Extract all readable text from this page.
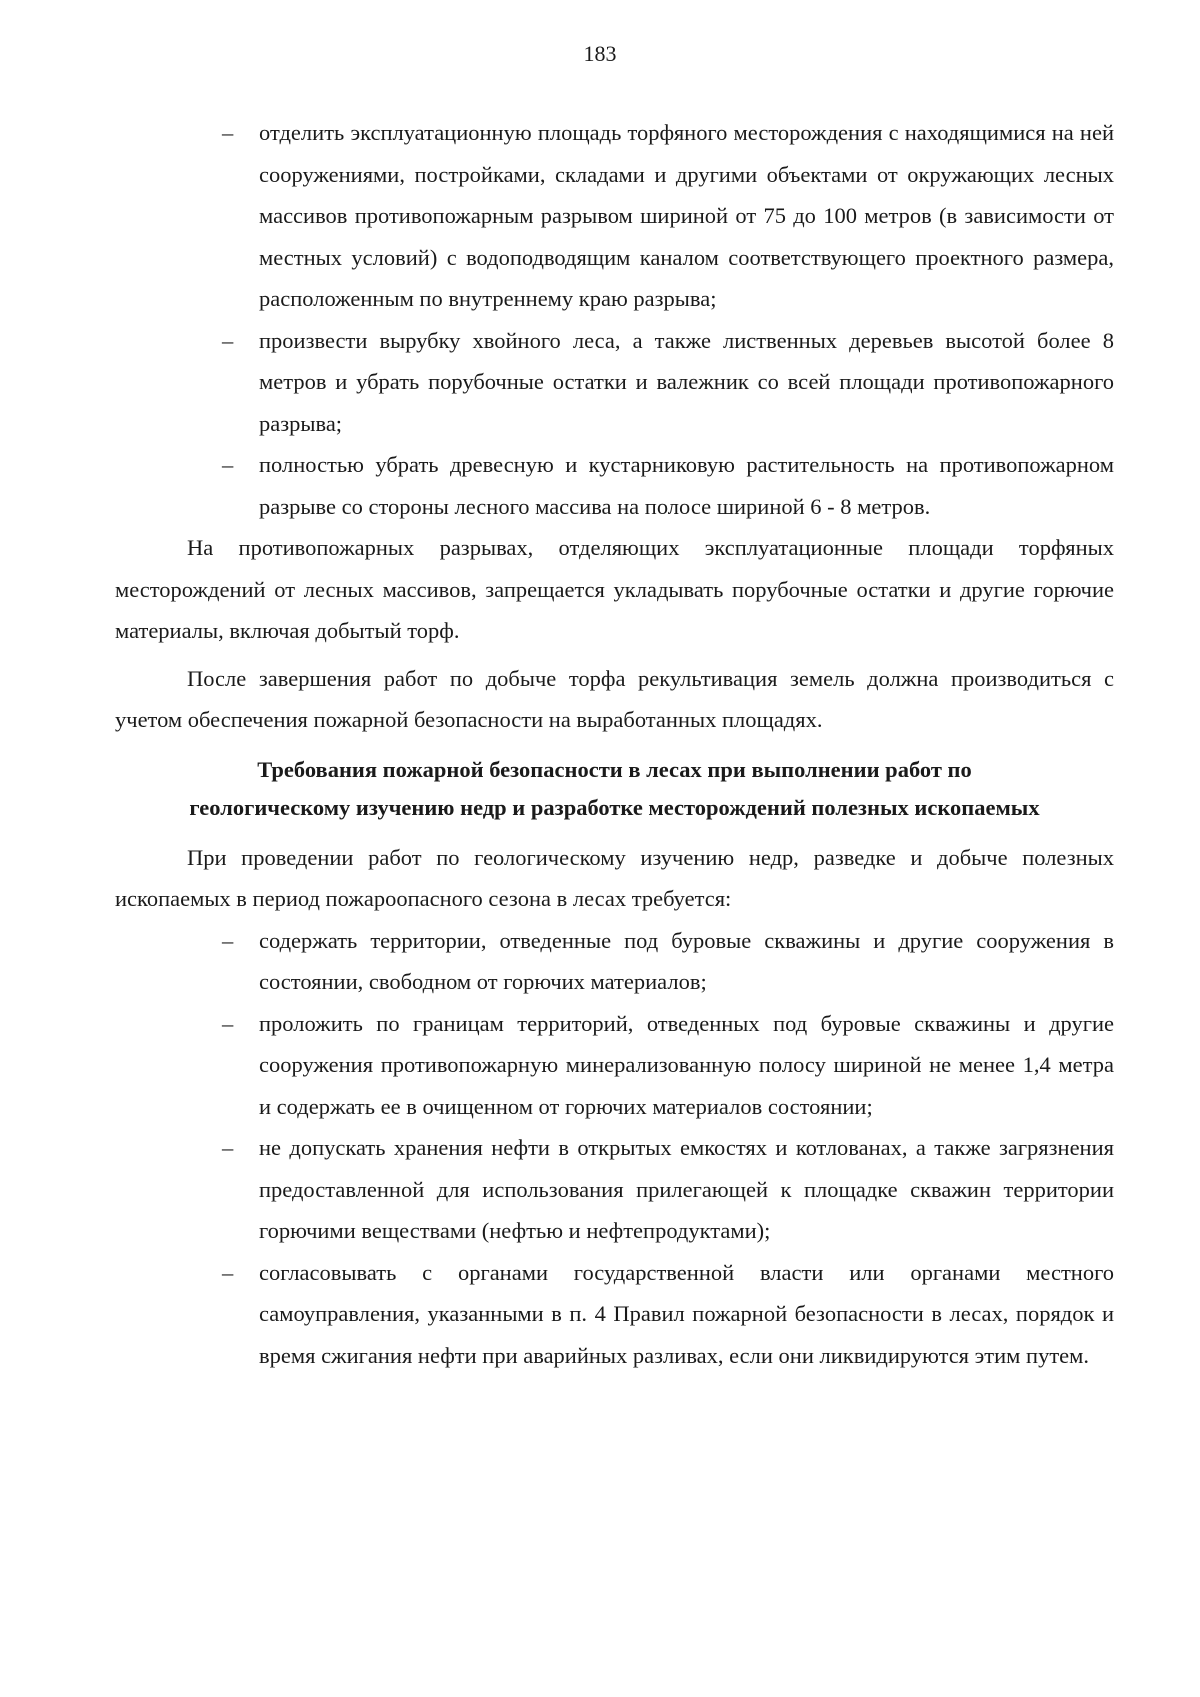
183
– отделить эксплуатационную площадь торфяного месторождения с находящимися на ней сооружениями, постройками, складами и другими объектами от окружающих лесных массивов противопожарным разрывом шириной от 75 до 100 метров (в зависимости от местных условий) с водоподводящим каналом соответствующего проектного размера, расположенным по внутреннему краю разрыва;
– произвести вырубку хвойного леса, а также лиственных деревьев высотой более 8 метров и убрать порубочные остатки и валежник со всей площади противопожарного разрыва;
– полностью убрать древесную и кустарниковую растительность на противопожарном разрыве со стороны лесного массива на полосе шириной 6 - 8 метров.

На противопожарных разрывах, отделяющих эксплуатационные площади торфяных месторождений от лесных массивов, запрещается укладывать порубочные остатки и другие горючие материалы, включая добытый торф.

После завершения работ по добыче торфа рекультивация земель должна производиться с учетом обеспечения пожарной безопасности на выработанных площадях.

Требования пожарной безопасности в лесах при выполнении работ по
геологическому изучению недр и разработке месторождений полезных ископаемых

При проведении работ по геологическому изучению недр, разведке и добыче полезных ископаемых в период пожароопасного сезона в лесах требуется:

– содержать территории, отведенные под буровые скважины и другие сооружения в состоянии, свободном от горючих материалов;
– проложить по границам территорий, отведенных под буровые скважины и другие сооружения противопожарную минерализованную полосу шириной не менее 1,4 метра и содержать ее в очищенном от горючих материалов состоянии;
– не допускать хранения нефти в открытых емкостях и котлованах, а также загрязнения предоставленной для использования прилегающей к площадке скважин территории горючими веществами (нефтью и нефтепродуктами);
– согласовывать с органами государственной власти или органами местного самоуправления, указанными в п. 4 Правил пожарной безопасности в лесах, порядок и время сжигания нефти при аварийных разливах, если они ликвидируются этим путем.
